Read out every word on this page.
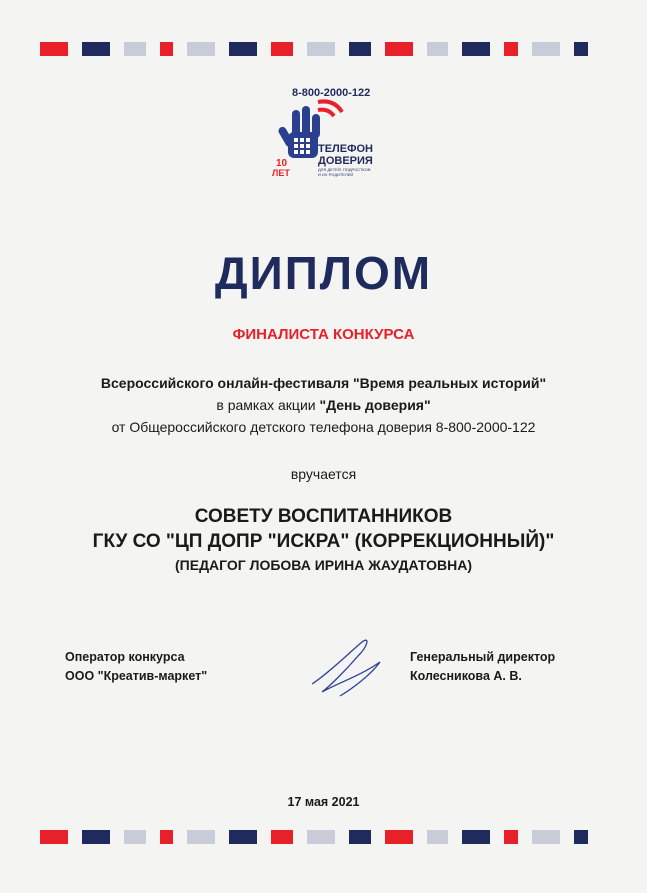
8-800-2000-122
10
ЛЕТ
ТЕЛЕФОН
ДОВЕРИЯ
ДЛЯ ДЕТЕЙ, ПОДРОСТКОВ
И ИХ РОДИТЕЛЕЙ
ДИПЛОМ
ФИНАЛИСТА КОНКУРСА
Всероссийского онлайн-фестиваля "Время реальных историй"
в рамках акции "День доверия"
от Общероссийского детского телефона доверия 8-800-2000-122
вручается
СОВЕТУ ВОСПИТАННИКОВ
ГКУ СО "ЦП ДОПР "ИСКРА" (КОРРЕКЦИОННЫЙ)"
(ПЕДАГОГ ЛОБОВА ИРИНА ЖАУДАТОВНА)
Оператор конкурса
ООО "Креатив-маркет"
Генеральный директор
Колесникова А. В.
17 мая 2021
